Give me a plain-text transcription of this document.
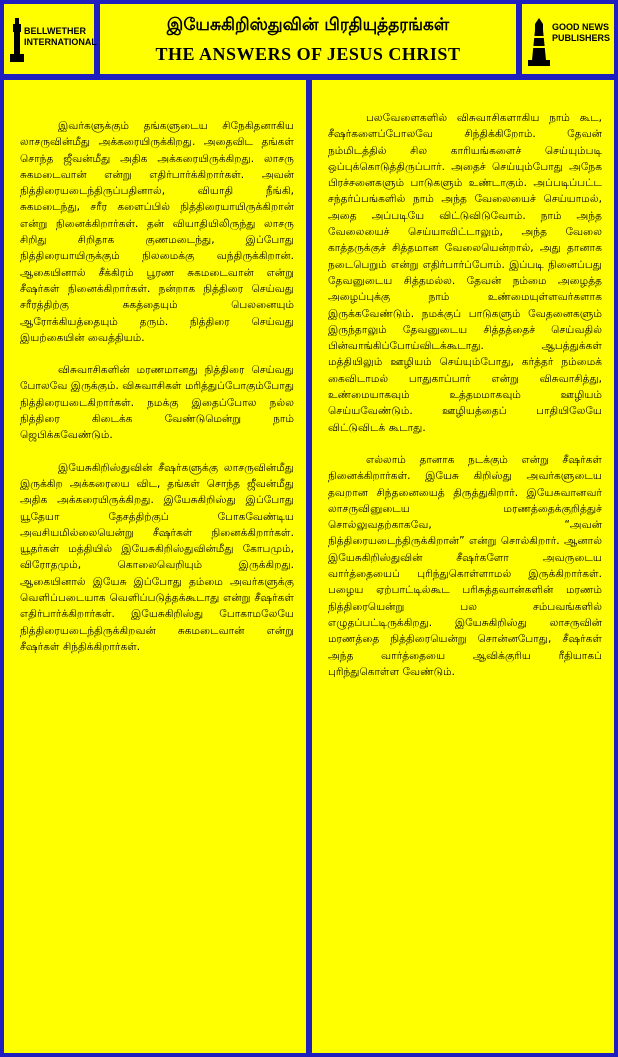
BELLWETHER
INTERNATIONAL
இயேசுகிறிஸ்துவின் பிரதியுத்தரங்கள்
THE ANSWERS OF JESUS CHRIST
GOOD NEWS
PUBLISHERS

இவர்களுக்கும் தங்களுடைய சிநேகிதனாகிய லாசருவின்மீது அக்கரையிருக்கிறது. அதைவிட தங்கள் சொந்த ஜீவன்மீது அதிக அக்கரையிருக்கிறது. லாசரு சுகமடைவான் என்று எதிர்பார்க்கிறார்கள். அவன் நித்திரையடைந்திருப்பதினால், வியாதி நீங்கி, சுகமடைந்து, சரீர களைப்பில் நித்திரையாயிருக்கிறான் என்று நினைக்கிறார்கள். தன் வியாதியிலிருந்து லாசரு சிறிது சிறிதாக குணமடைந்து, இப்போது நித்திரையாயிருக்கும் நிலமைக்கு வந்திருக்கிறான். ஆகையினால் சீக்கிரம் பூரண சுகமடைவான் என்று சீஷர்கள் நினைக்கிறார்கள். நன்றாக நித்திரை செய்வது சரீரத்திற்கு சுகத்தையும் பெலனையும் ஆரோக்கியத்தையும் தரும். நித்திரை செய்வது இயற்கையின் வைத்தியம்.

விசுவாசிகளின் மரணமானது நித்திரை செய்வது போலவே இருக்கும். விசுவாசிகள் மரித்துப்போகும்போது நித்திரையடைகிறார்கள். நமக்கு இதைப்போல நல்ல நித்திரை கிடைக்க வேண்டுமென்று நாம் ஜெபிக்கவேண்டும்.

இயேசுகிறிஸ்துவின் சீஷர்களுக்கு லாசருவின்மீது இருக்கிற அக்கரையை விட, தங்கள் சொந்த ஜீவன்மீது அதிக அக்கரையிருக்கிறது. இயேசுகிறிஸ்து இப்போது யூதேயா தேசத்திற்குப் போகவேண்டிய அவசியமில்லையென்று சீஷர்கள் நினைக்கிறார்கள். யூதர்கள் மத்தியில் இயேசுகிறிஸ்துவின்மீது கோபமும், விரோதமும், கொலைவெறியும் இருக்கிறது. ஆகையினால் இயேசு இப்போது தம்மை அவர்களுக்கு வெளிப்படையாக வெளிப்படுத்தக்கூடாது என்று சீஷர்கள் எதிர்பார்க்கிறார்கள். இயேசுகிறிஸ்து போகாமலேயே நித்திரையடைந்திருக்கிறவன் சுகமடைவான் என்று சீஷர்கள் சிந்திக்கிறார்கள்.

பலவேளைகளில் விசுவாசிகளாகிய நாம் கூட, சீஷர்களைப்போலவே சிந்திக்கிறோம். தேவன் நம்மிடத்தில் சில காரியங்களைச் செய்யும்படி ஒப்புக்கொடுத்திருப்பார். அதைச் செய்யும்போது அநேக பிரச்சனைகளும் பாடுகளும் உண்டாகும். அப்படிப்பட்ட சந்தர்ப்பங்களில் நாம் அந்த வேலையைச் செய்யாமல், அதை அப்படியே விட்டுவிடுவோம். நாம் அந்த வேலையைச் செய்யாவிட்டாலும், அந்த வேலை காத்தருக்குச் சித்தமான வேலையென்றால், அது தானாக நடைபெறும் என்று எதிர்பார்ப்போம். இப்படி நினைப்பது தேவனுடைய சித்தமல்ல. தேவன் நம்மை அழைத்த அழைப்புக்கு நாம் உண்மையுள்ளவர்களாக இருக்கவேண்டும். நமக்குப் பாடுகளும் வேதனைகளும் இருந்தாலும் தேவனுடைய சித்தத்தைச் செய்வதில் பின்வாங்கிப்போய்விடக்கூடாது. ஆபத்துக்கள் மத்தியிலும் ஊழியம் செய்யும்போது, கர்த்தர் நம்மைக் கைவிடாமல் பாதுகாப்பார் என்று விசுவாசித்து, உண்மையாகவும் உத்தமமாகவும் ஊழியம் செய்யவேண்டும். ஊழியத்தைப் பாதியிலேயே விட்டுவிடக் கூடாது.

எல்லாம் தானாக நடக்கும் என்று சீஷர்கள் நினைக்கிறார்கள். இயேசு கிறிஸ்து அவர்களுடைய தவறான சிந்தனையைத் திருத்துகிறார். இயேசுவானவர் லாசருவினுடைய மரணத்தைக்குறித்துச் சொல்லுவதற்காகவே, “அவன் நித்திரையடைந்திருக்கிறான்” என்று சொல்கிறார். ஆனால் இயேசுகிறிஸ்துவின் சீஷர்களோ அவருடைய வார்த்தையைப் புரிந்துகொள்ளாமல் இருக்கிறார்கள். பழைய ஏற்பாட்டில்கூட பரிசுத்தவான்களின் மரணம் நித்திரையென்று பல சம்பவங்களில் எழுதப்பட்டிருக்கிறது. இயேசுகிறிஸ்து லாசருவின் மரணத்தை நித்திரையென்று சொன்னபோது, சீஷர்கள் அந்த வார்த்தையை ஆவிக்குரிய ரீதியாகப் புரிந்துகொள்ள வேண்டும்.
